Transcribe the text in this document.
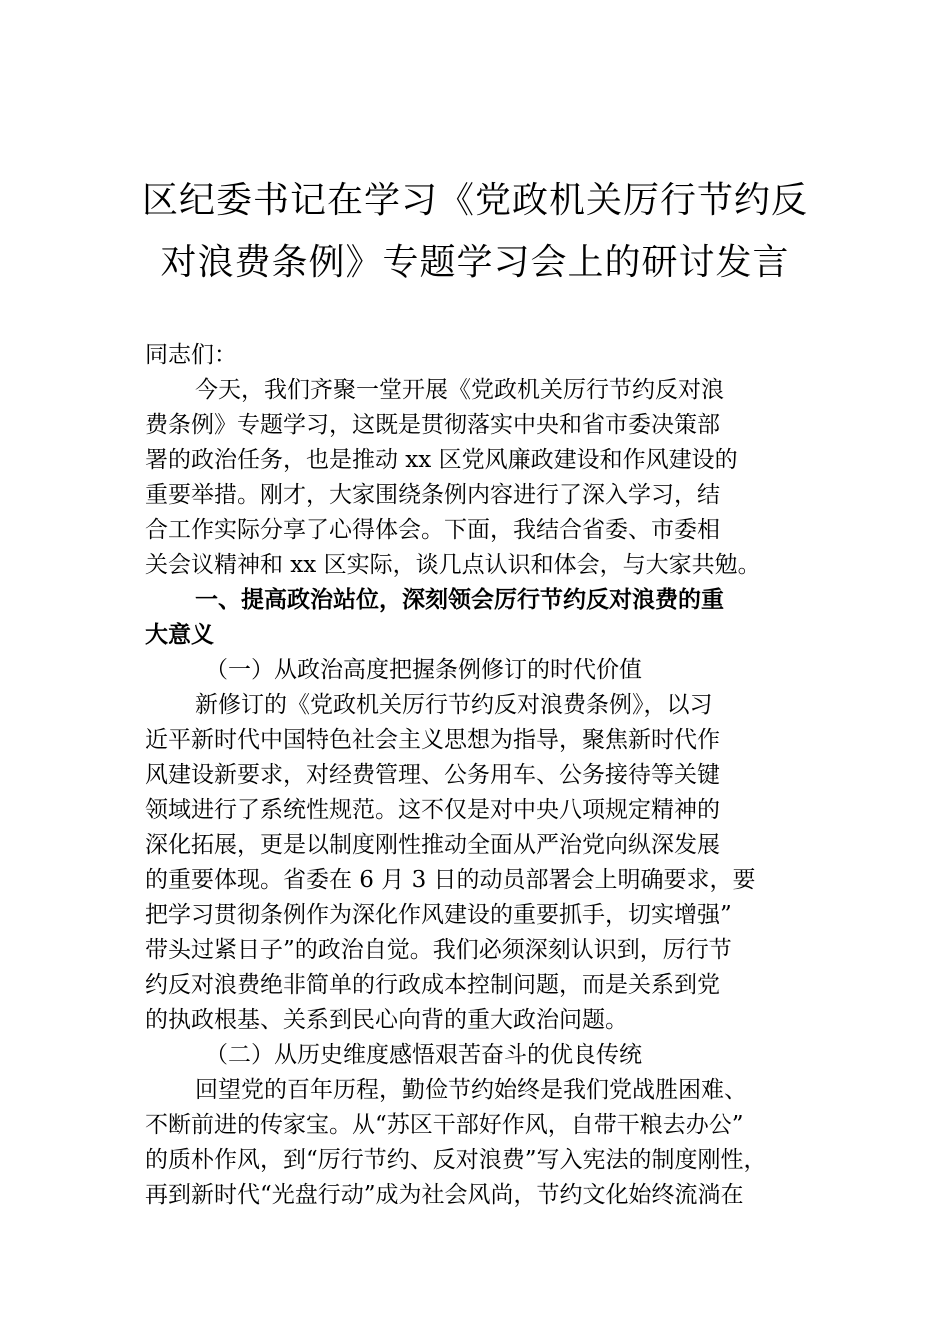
区纪委书记在学习《党政机关厉行节约反
对浪费条例》专题学习会上的研讨发言
同志们：
今天，我们齐聚一堂开展《党政机关厉行节约反对浪
费条例》专题学习，这既是贯彻落实中央和省市委决策部
署的政治任务，也是推动 xx 区党风廉政建设和作风建设的
重要举措。刚才，大家围绕条例内容进行了深入学习，结
合工作实际分享了心得体会。下面，我结合省委、市委相
关会议精神和 xx 区实际，谈几点认识和体会，与大家共勉。
一、提高政治站位，深刻领会厉行节约反对浪费的重
大意义
（一）从政治高度把握条例修订的时代价值
新修订的《党政机关厉行节约反对浪费条例》，以习
近平新时代中国特色社会主义思想为指导，聚焦新时代作
风建设新要求，对经费管理、公务用车、公务接待等关键
领域进行了系统性规范。这不仅是对中央八项规定精神的
深化拓展，更是以制度刚性推动全面从严治党向纵深发展
的重要体现。省委在 6 月 3 日的动员部署会上明确要求，要
把学习贯彻条例作为深化作风建设的重要抓手，切实增强”
带头过紧日子”的政治自觉。我们必须深刻认识到，厉行节
约反对浪费绝非简单的行政成本控制问题，而是关系到党
的执政根基、关系到民心向背的重大政治问题。
（二）从历史维度感悟艰苦奋斗的优良传统
回望党的百年历程，勤俭节约始终是我们党战胜困难、
不断前进的传家宝。从“苏区干部好作风，自带干粮去办公”
的质朴作风，到“厉行节约、反对浪费”写入宪法的制度刚性，
再到新时代“光盘行动”成为社会风尚，节约文化始终流淌在
